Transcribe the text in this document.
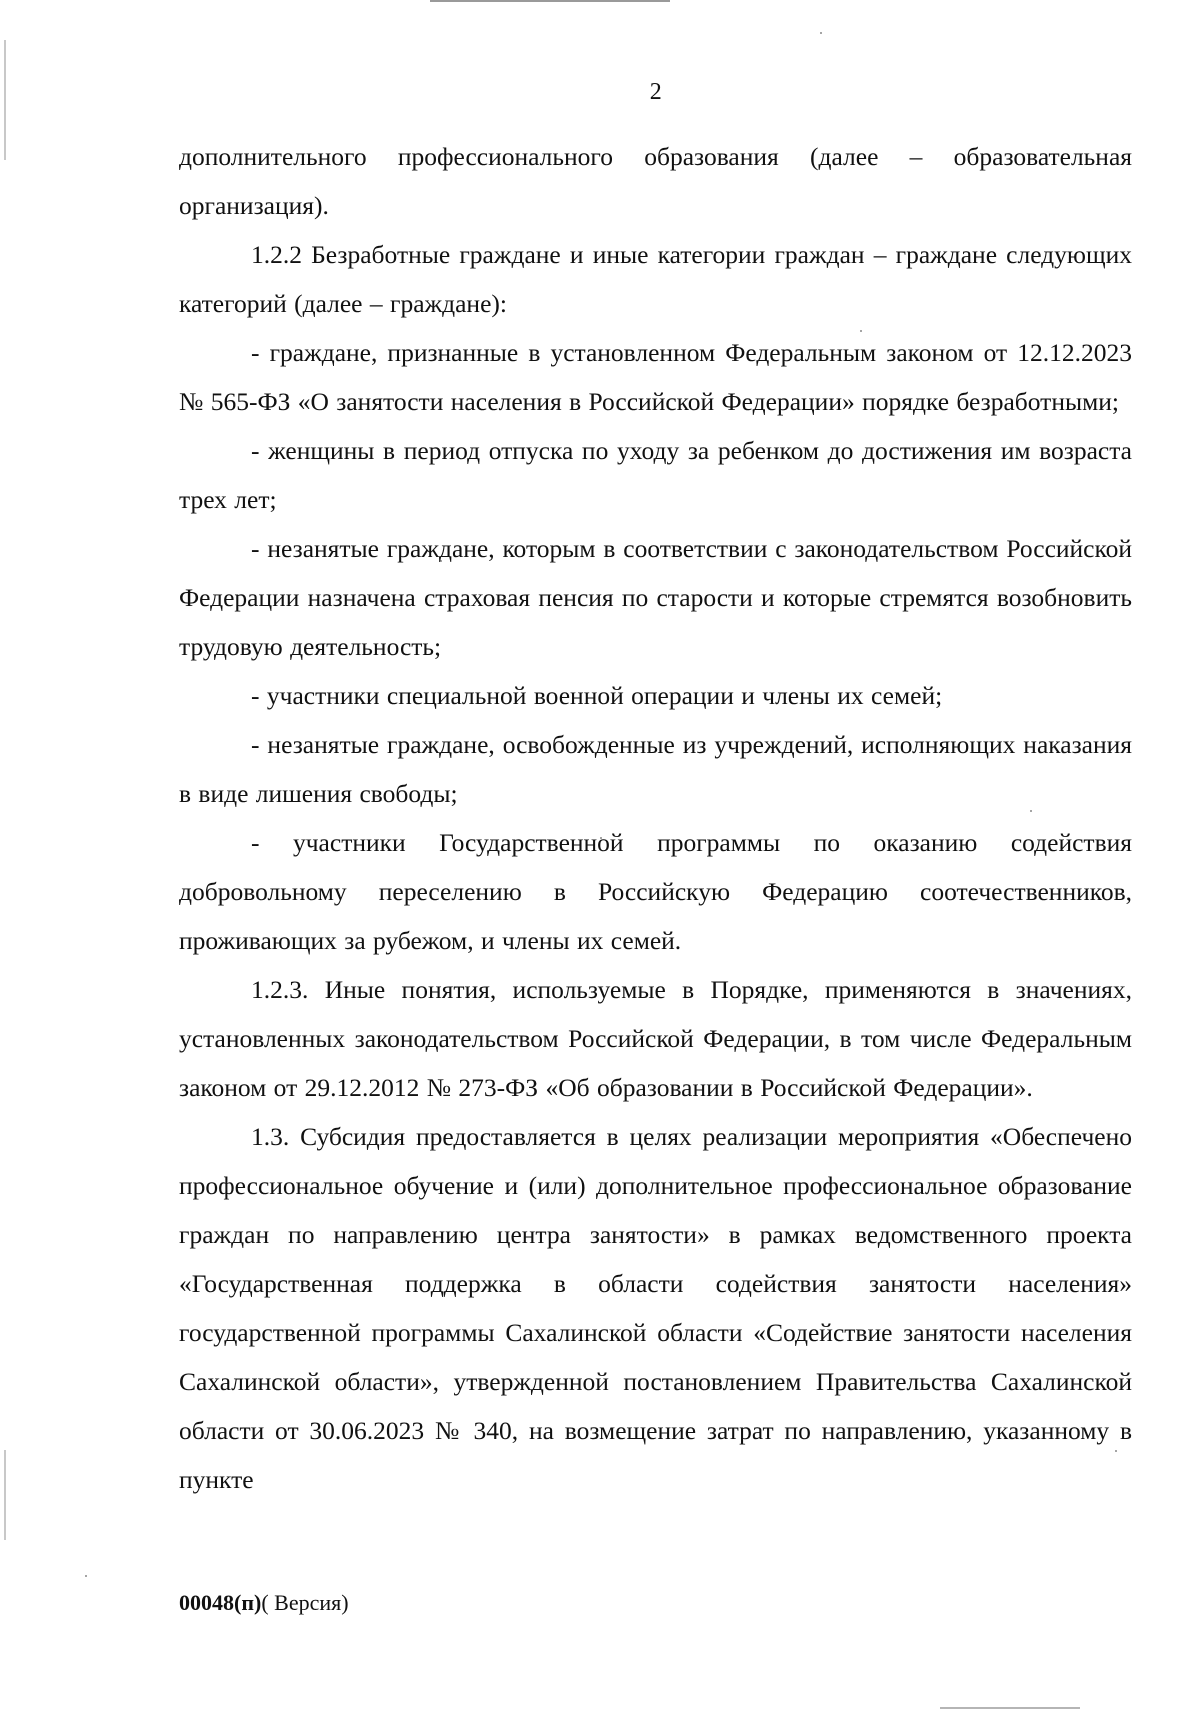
2

дополнительного профессионального образования (далее – образовательная организация).

1.2.2 Безработные граждане и иные категории граждан – граждане следующих категорий (далее – граждане):

- граждане, признанные в установленном Федеральным законом от 12.12.2023 № 565-ФЗ «О занятости населения в Российской Федерации» порядке безработными;

- женщины в период отпуска по уходу за ребенком до достижения им возраста трех лет;

- незанятые граждане, которым в соответствии с законодательством Российской Федерации назначена страховая пенсия по старости и которые стремятся возобновить трудовую деятельность;

- участники специальной военной операции и члены их семей;

- незанятые граждане, освобожденные из учреждений, исполняющих наказания в виде лишения свободы;

- участники Государственной программы по оказанию содействия добровольному переселению в Российскую Федерацию соотечественников, проживающих за рубежом, и члены их семей.

1.2.3. Иные понятия, используемые в Порядке, применяются в значениях, установленных законодательством Российской Федерации, в том числе Федеральным законом от 29.12.2012 № 273-ФЗ «Об образовании в Российской Федерации».

1.3. Субсидия предоставляется в целях реализации мероприятия «Обеспечено профессиональное обучение и (или) дополнительное профессиональное образование граждан по направлению центра занятости» в рамках ведомственного проекта «Государственная поддержка в области содействия занятости населения» государственной программы Сахалинской области «Содействие занятости населения Сахалинской области», утвержденной постановлением Правительства Сахалинской области от 30.06.2023 № 340, на возмещение затрат по направлению, указанному в пункте

00048(п)( Версия)
